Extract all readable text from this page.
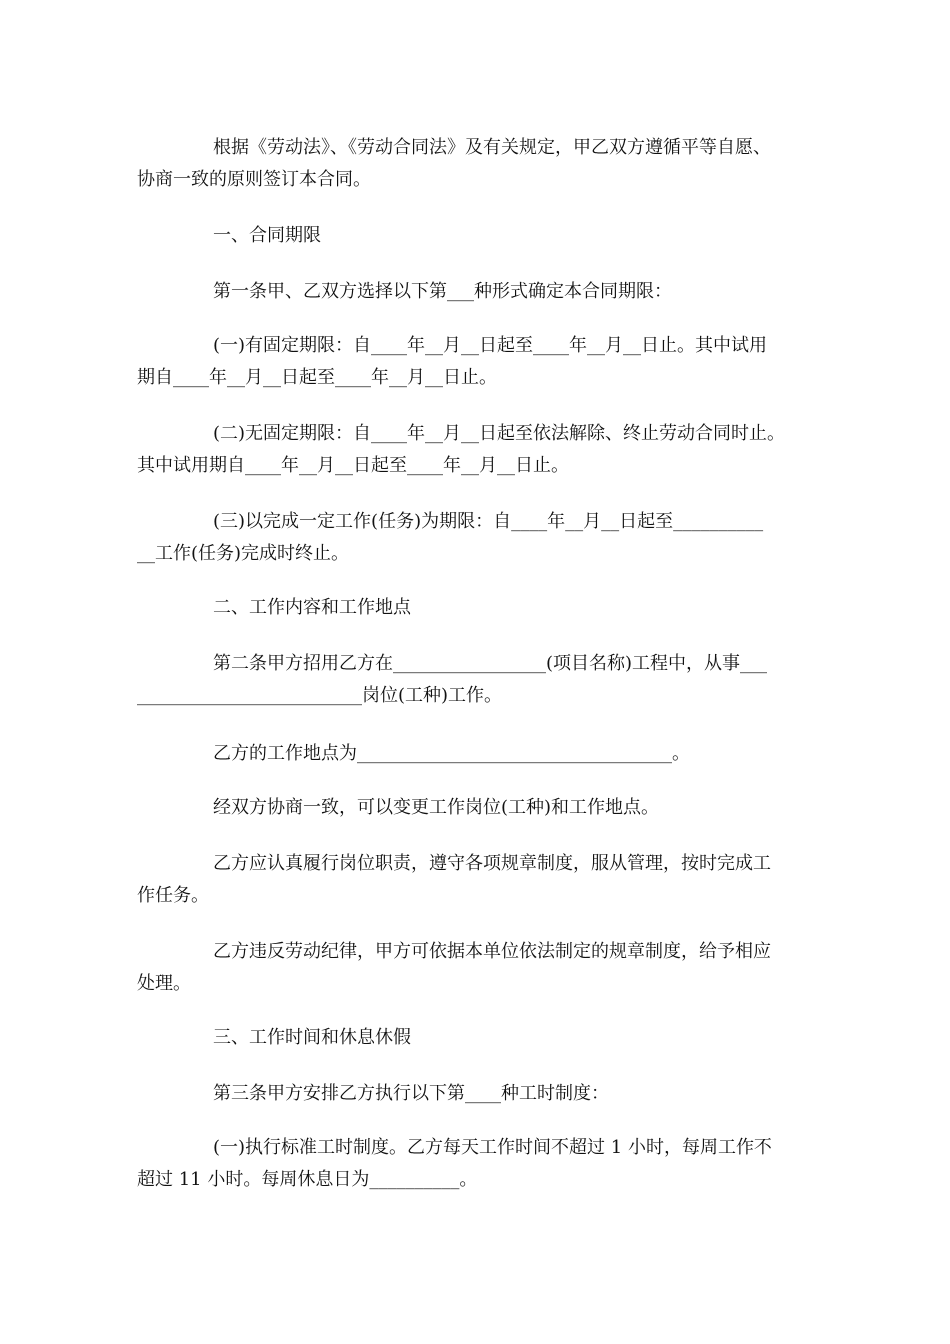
根据《劳动法》、《劳动合同法》及有关规定，甲乙双方遵循平等自愿、
协商一致的原则签订本合同。

一、合同期限

第一条甲、乙双方选择以下第___种形式确定本合同期限：

(一)有固定期限：自____年__月__日起至____年__月__日止。其中试用
期自____年__月__日起至____年__月__日止。

(二)无固定期限：自____年__月__日起至依法解除、终止劳动合同时止。
其中试用期自____年__月__日起至____年__月__日止。

(三)以完成一定工作(任务)为期限：自____年__月__日起至__________
__工作(任务)完成时终止。

二、工作内容和工作地点

第二条甲方招用乙方在_________________(项目名称)工程中，从事___
_________________________岗位(工种)工作。

乙方的工作地点为___________________________________。

经双方协商一致，可以变更工作岗位(工种)和工作地点。

乙方应认真履行岗位职责，遵守各项规章制度，服从管理，按时完成工
作任务。

乙方违反劳动纪律，甲方可依据本单位依法制定的规章制度，给予相应
处理。

三、工作时间和休息休假

第三条甲方安排乙方执行以下第____种工时制度：

(一)执行标准工时制度。乙方每天工作时间不超过 1 小时，每周工作不
超过 11 小时。每周休息日为__________。
